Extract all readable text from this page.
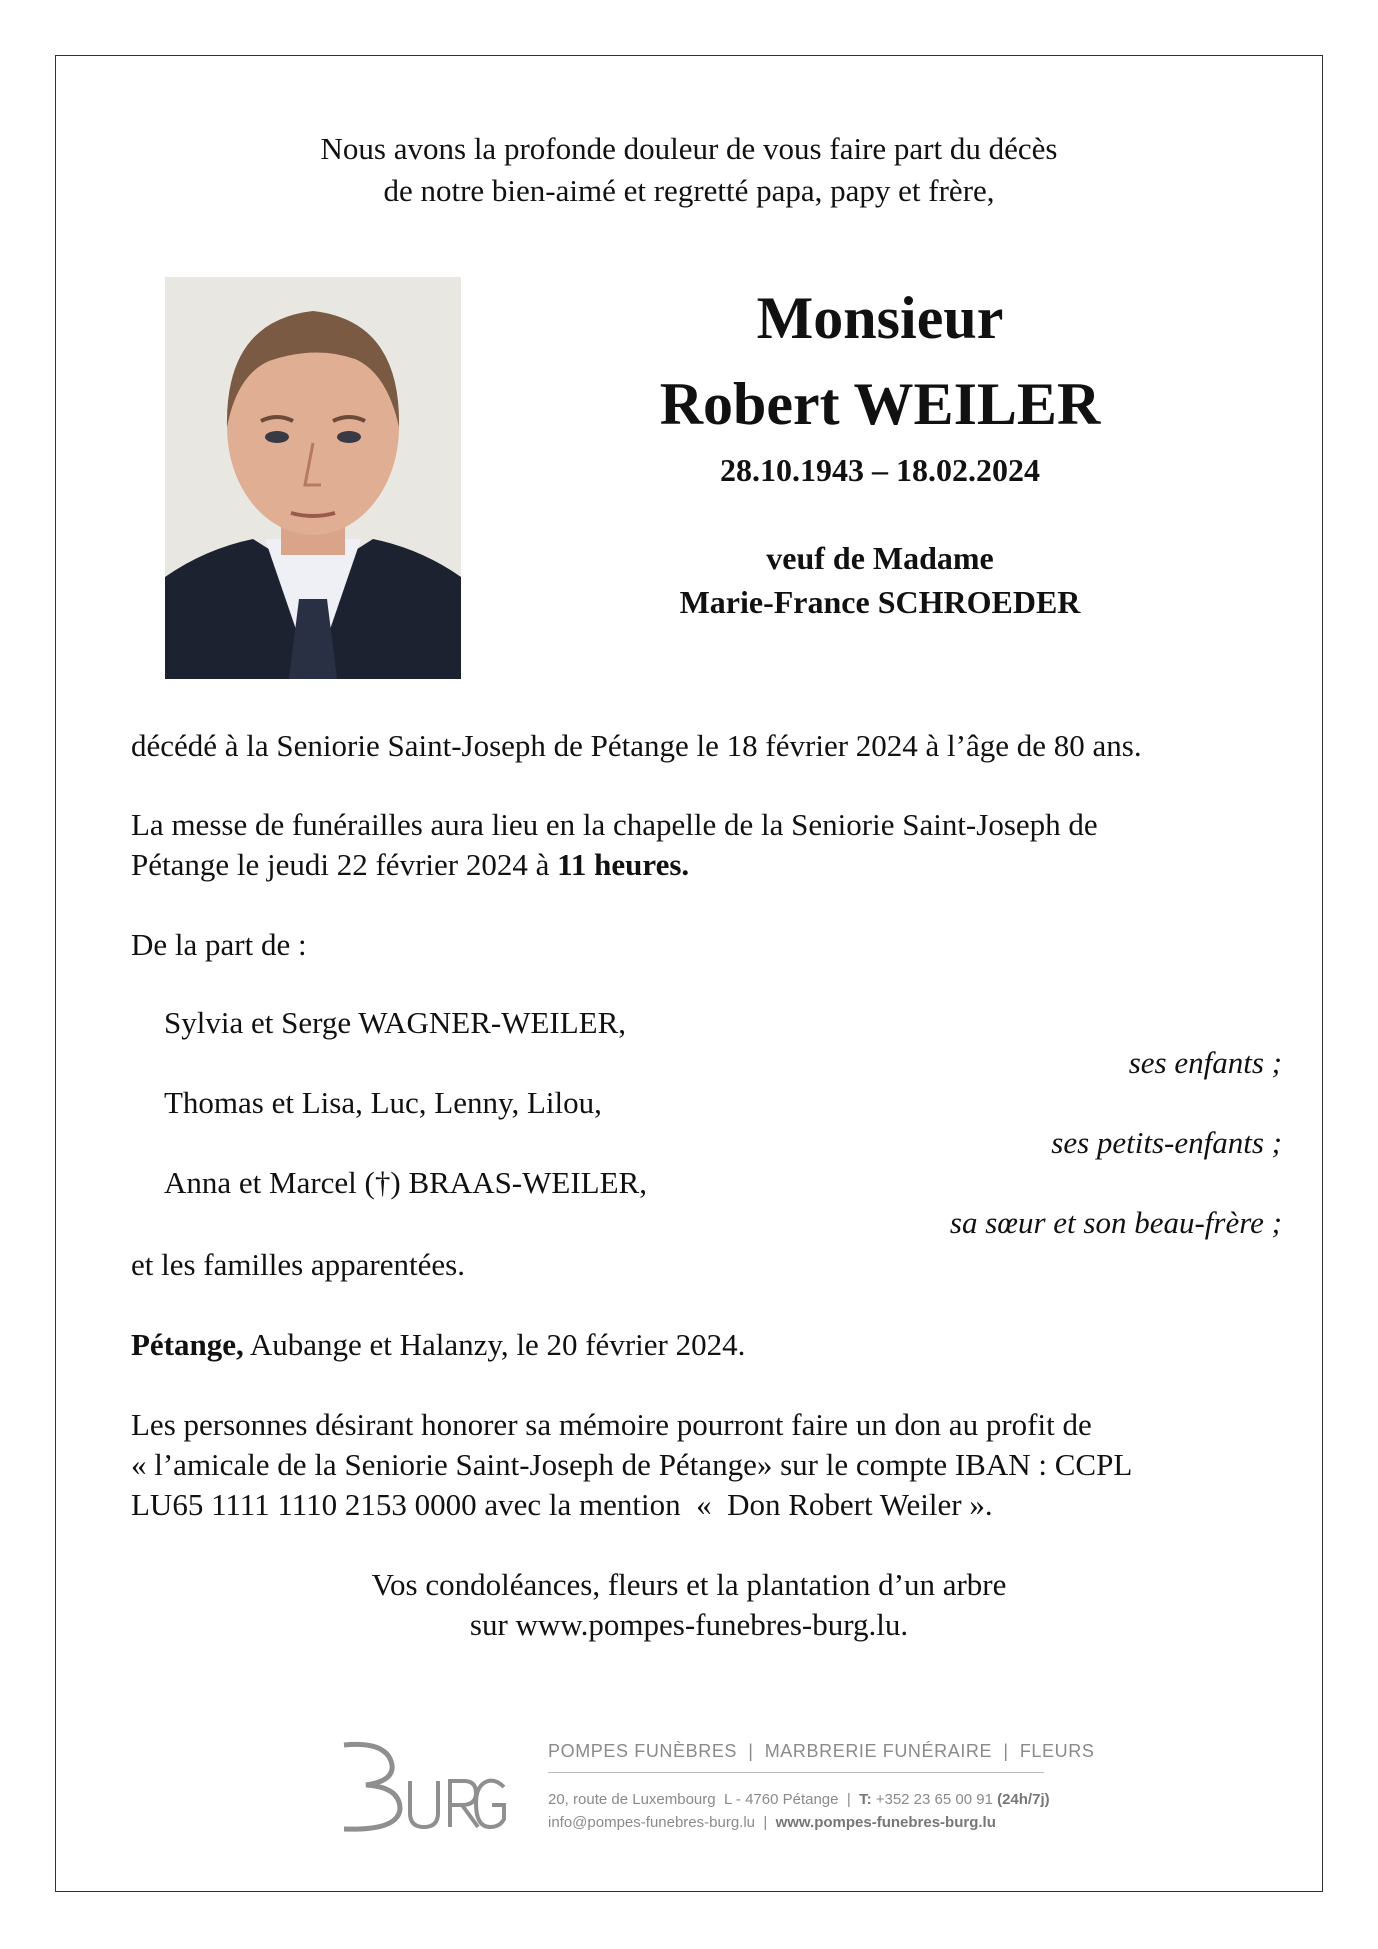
Nous avons la profonde douleur de vous faire part du décès
de notre bien-aimé et regretté papa, papy et frère,
Monsieur
Robert WEILER
28.10.1943 – 18.02.2024
veuf de Madame
Marie-France SCHROEDER
décédé à la Seniorie Saint-Joseph de Pétange le 18 février 2024 à l’âge de 80 ans.
La messe de funérailles aura lieu en la chapelle de la Seniorie Saint-Joseph de
Pétange le jeudi 22 février 2024 à 11 heures.
De la part de :
Sylvia et Serge WAGNER-WEILER,
ses enfants ;
Thomas et Lisa, Luc, Lenny, Lilou,
ses petits-enfants ;
Anna et Marcel (†) BRAAS-WEILER,
sa sœur et son beau-frère ;
et les familles apparentées.
Pétange, Aubange et Halanzy, le 20 février 2024.
Les personnes désirant honorer sa mémoire pourront faire un don au profit de
« l’amicale de la Seniorie Saint-Joseph de Pétange» sur le compte IBAN : CCPL
LU65 1111 1110 2153 0000 avec la mention  «  Don Robert Weiler ».
Vos condoléances, fleurs et la plantation d’un arbre
sur www.pompes-funebres-burg.lu.
POMPES FUNÈBRES  |  MARBRERIE FUNÉRAIRE  |  FLEURS
20, route de Luxembourg  L - 4760 Pétange  |  T: +352 23 65 00 91 (24h/7j)
info@pompes-funebres-burg.lu  |  www.pompes-funebres-burg.lu
